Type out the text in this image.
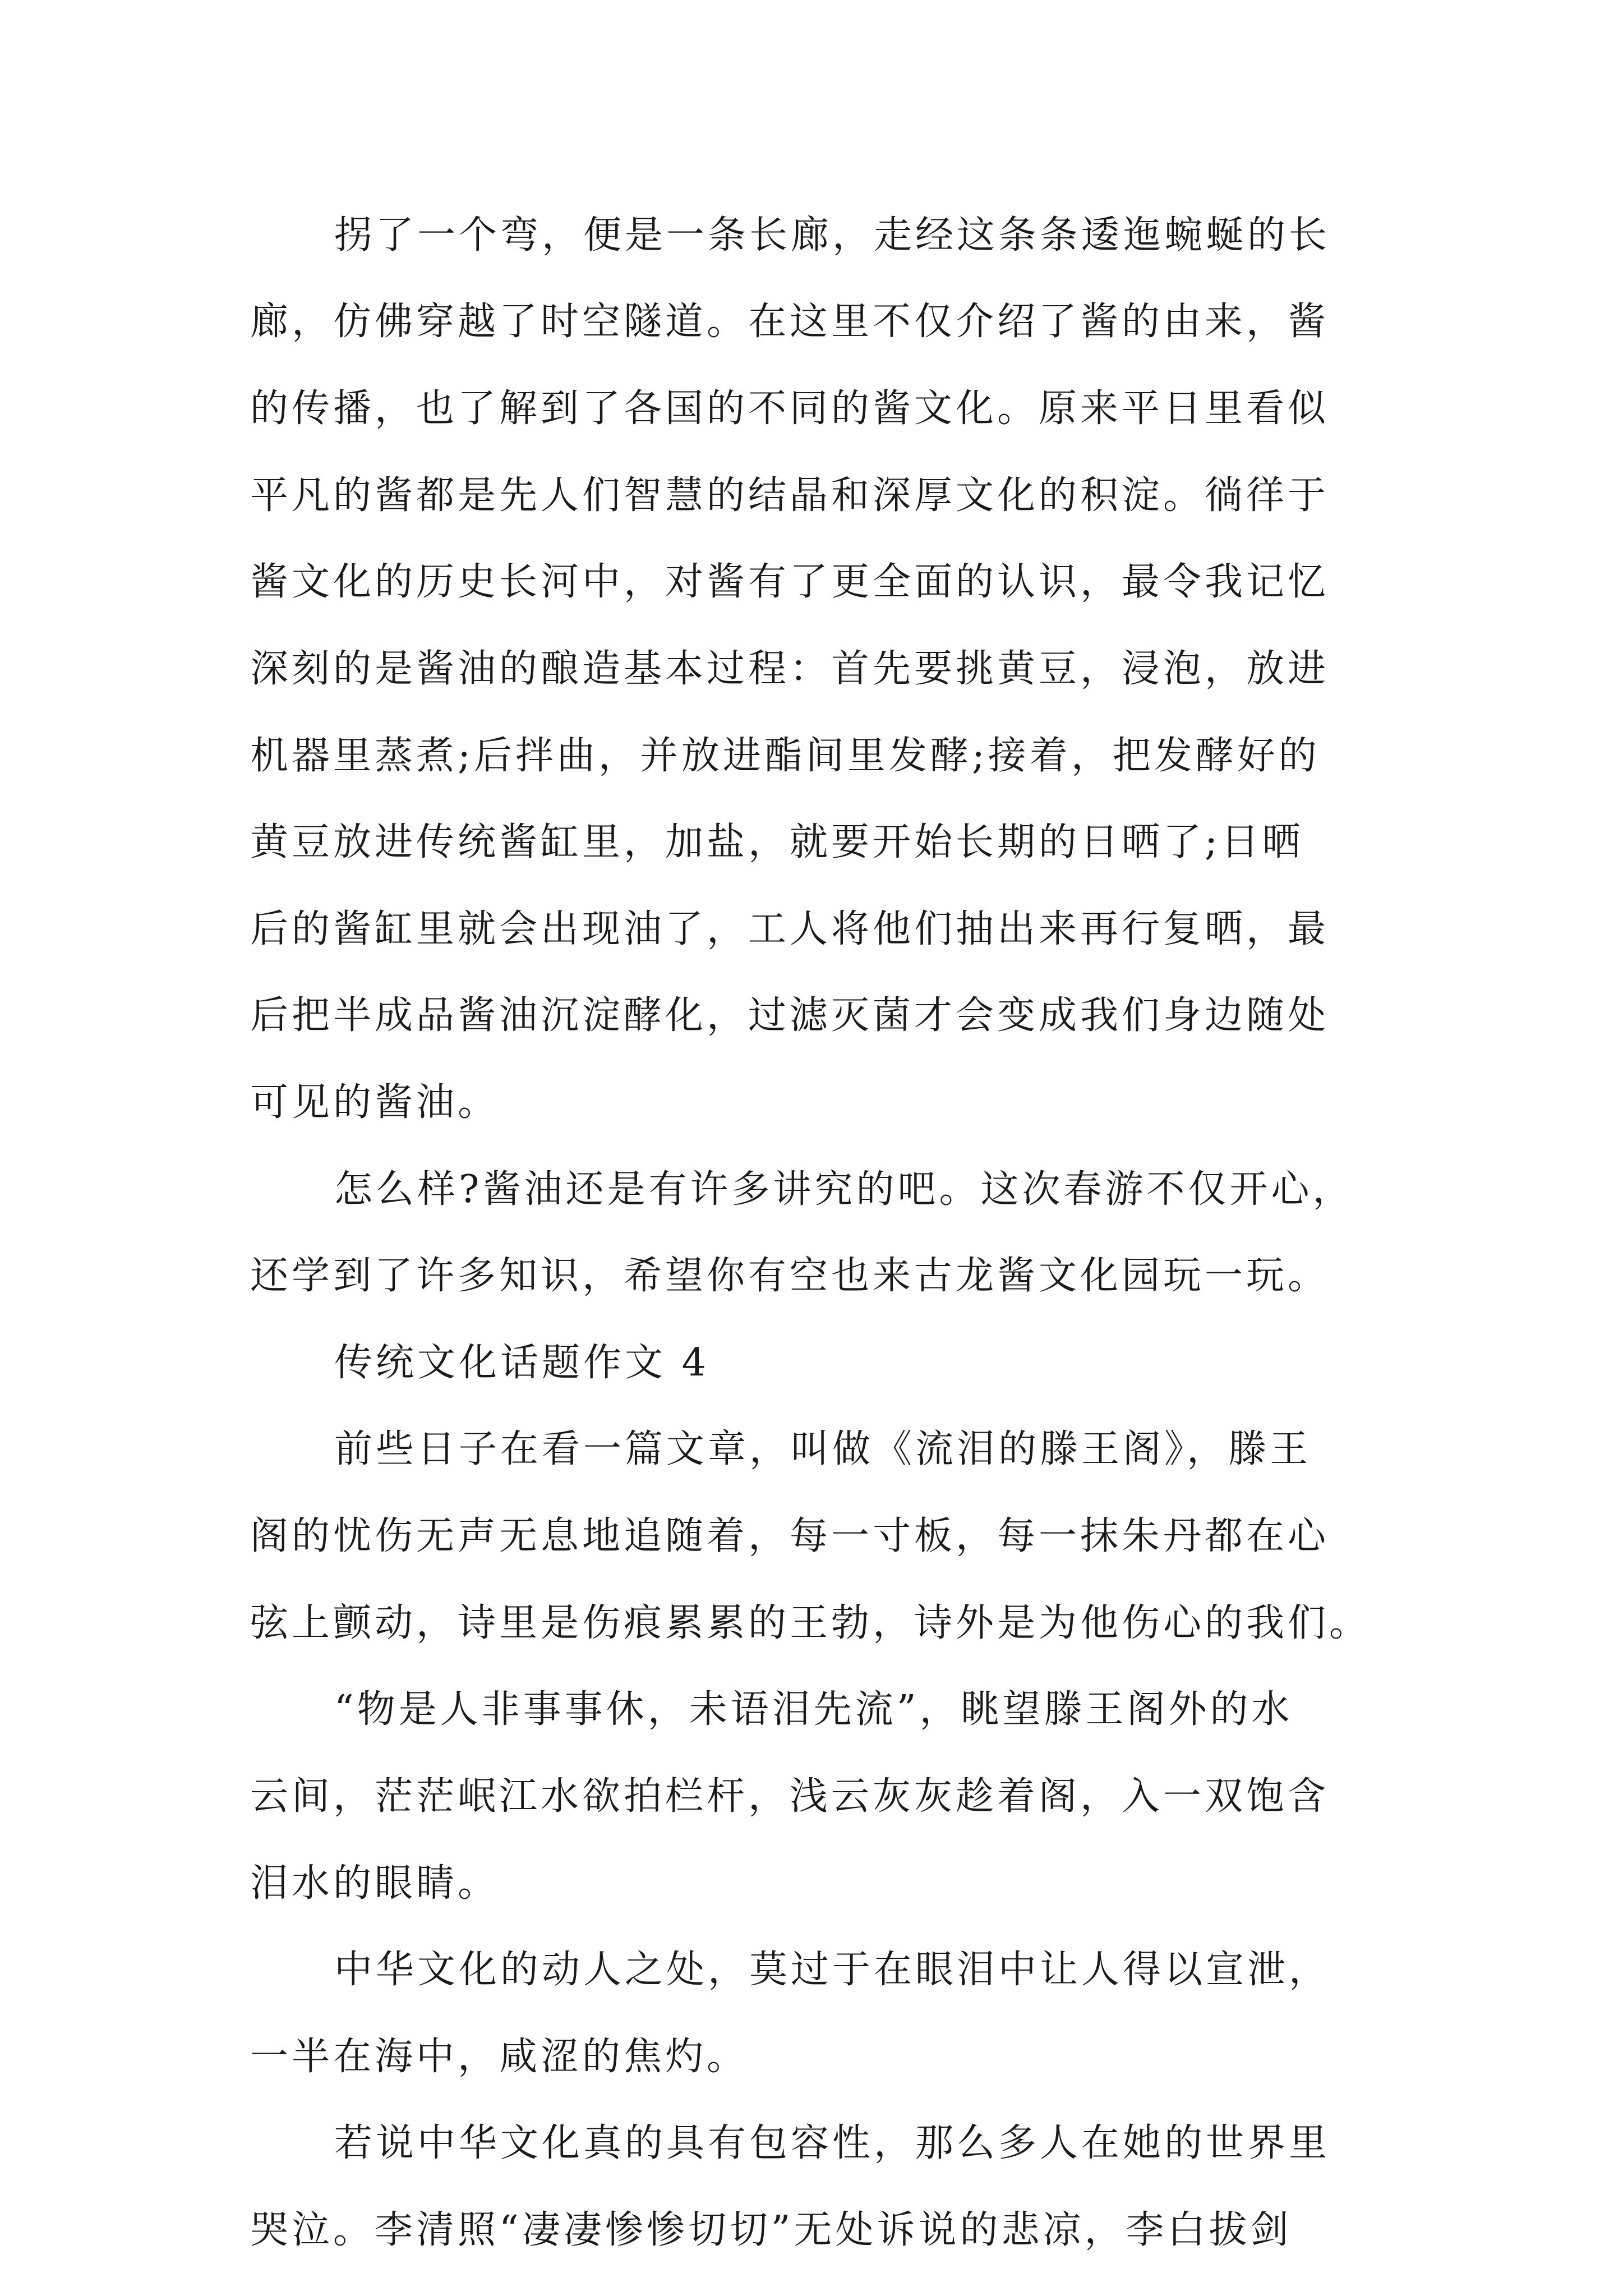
拐了一个弯，便是一条长廊，走经这条条逶迤蜿蜒的长

廊，仿佛穿越了时空隧道。在这里不仅介绍了酱的由来，酱

的传播，也了解到了各国的不同的酱文化。原来平日里看似

平凡的酱都是先人们智慧的结晶和深厚文化的积淀。徜徉于

酱文化的历史长河中，对酱有了更全面的认识，最令我记忆

深刻的是酱油的酿造基本过程：首先要挑黄豆，浸泡，放进

机器里蒸煮;后拌曲，并放进酯间里发酵;接着，把发酵好的

黄豆放进传统酱缸里，加盐，就要开始长期的日晒了;日晒

后的酱缸里就会出现油了，工人将他们抽出来再行复晒，最

后把半成品酱油沉淀酵化，过滤灭菌才会变成我们身边随处

可见的酱油。

怎么样?酱油还是有许多讲究的吧。这次春游不仅开心，

还学到了许多知识，希望你有空也来古龙酱文化园玩一玩。

传统文化话题作文 4

前些日子在看一篇文章，叫做《流泪的滕王阁》，滕王

阁的忧伤无声无息地追随着，每一寸板，每一抹朱丹都在心

弦上颤动，诗里是伤痕累累的王勃，诗外是为他伤心的我们。

“物是人非事事休，未语泪先流”，眺望滕王阁外的水

云间，茫茫岷江水欲拍栏杆，浅云灰灰趁着阁，入一双饱含

泪水的眼睛。

中华文化的动人之处，莫过于在眼泪中让人得以宣泄，

一半在海中，咸涩的焦灼。

若说中华文化真的具有包容性，那么多人在她的世界里

哭泣。李清照“凄凄惨惨切切”无处诉说的悲凉，李白拔剑
